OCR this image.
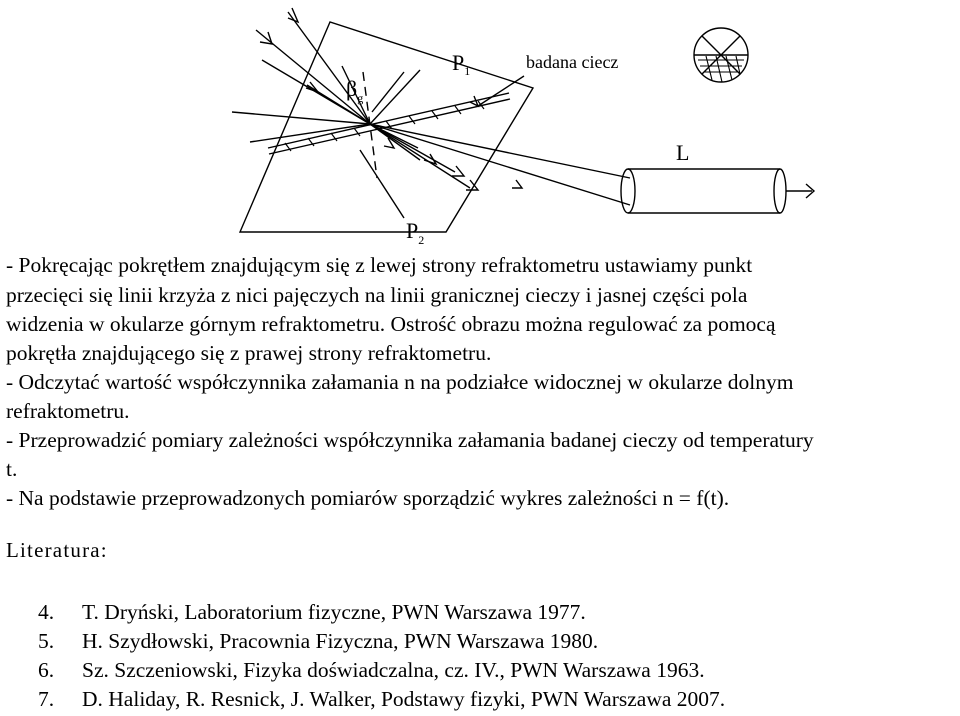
$\beta_g$
$P_1$	badana ciecz
L
$P_2$
- Pokręcając pokrętłem znajdującym się z lewej strony refraktometru ustawiamy punkt
przecięci się linii krzyża z nici pajęczych na linii granicznej cieczy i jasnej części pola
widzenia w okularze górnym refraktometru. Ostrość obrazu można regulować za pomocą
pokrętła znajdującego się z prawej strony refraktometru.
- Odczytać wartość współczynnika załamania n na podziałce widocznej w okularze dolnym
refraktometru.
- Przeprowadzić pomiary zależności współczynnika załamania badanej cieczy od temperatury
t.
- Na podstawie przeprowadzonych pomiarów sporządzić wykres zależności n = f(t).
Literatura:
4. T. Dryński, Laboratorium fizyczne, PWN Warszawa 1977.
5. H. Szydłowski, Pracownia Fizyczna, PWN Warszawa 1980.
6. Sz. Szczeniowski, Fizyka doświadczalna, cz. IV., PWN Warszawa 1963.
7. D. Haliday, R. Resnick, J. Walker, Podstawy fizyki, PWN Warszawa 2007.
